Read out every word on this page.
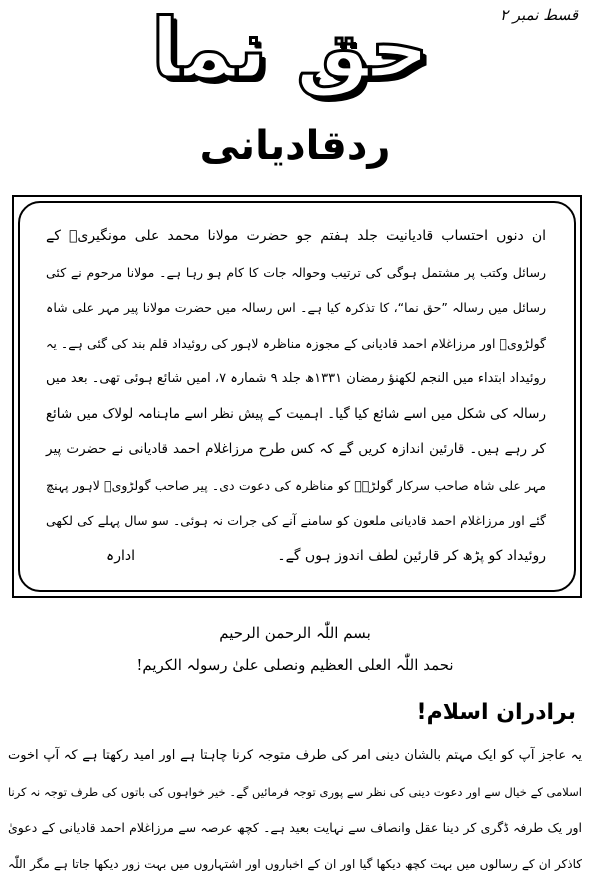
قسط نمبر ۲
حق نما
ردقادیانی
ان دنوں احتساب قادیانیت جلد ہفتم جو حضرت مولانا محمد علی مونگیریؒ کے
رسائل وکتب پر مشتمل ہوگی کی ترتیب وحوالہ جات کا کام ہو رہا ہے۔ مولانا مرحوم نے کئی
رسائل میں رسالہ ”حق نما“، کا تذکرہ کیا ہے۔ اس رسالہ میں حضرت مولانا پیر مہر علی شاہ
گولڑویؒ اور مرزاغلام احمد قادیانی کے مجوزہ مناظرہ لاہور کی روئیداد قلم بند کی گئی ہے۔ یہ
روئیداد ابتداء میں النجم لکھنؤ رمضان ۱۳۳۱ھ جلد ۹ شمارہ ۷، امیں شائع ہوئی تھی۔ بعد میں
رسالہ کی شکل میں اسے شائع کیا گیا۔ اہمیت کے پیش نظر اسے ماہنامہ لولاک میں شائع
کر رہے ہیں۔ قارئین اندازہ کریں گے کہ کس طرح مرزاغلام احمد قادیانی نے حضرت پیر
مہر علی شاہ صاحب سرکار گولڑہؒ کو مناظرہ کی دعوت دی۔ پیر صاحب گولڑویؒ لاہور پہنچ
گئے اور مرزاغلام احمد قادیانی ملعون کو سامنے آنے کی جرات نہ ہوئی۔ سو سال پہلے کی لکھی
روئیداد کو پڑھ کر قارئین لطف اندوز ہوں گے۔
ادارہ
بسم اللّٰہ الرحمن الرحیم
نحمد اللّٰہ العلی العظیم ونصلی علیٰ رسولہ الکریم!
برادران اسلام!
یہ عاجز آپ کو ایک مہتم بالشان دینی امر کی طرف متوجہ کرنا چاہتا ہے اور امید رکھتا ہے کہ آپ اخوت
اسلامی کے خیال سے اور دعوت دینی کی نظر سے پوری توجہ فرمائیں گے۔ خیر خواہوں کی باتوں کی طرف توجہ نہ کرنا
اور یک طرفہ ڈگری کر دینا عقل وانصاف سے نہایت بعید ہے۔ کچھ عرصہ سے مرزاغلام احمد قادیانی کے دعویٰ
کاذکر ان کے رسالوں میں بہت کچھ دیکھا گیا اور ان کے اخباروں اور اشتہاروں میں بہت زور دیکھا جاتا ہے مگر اللّٰہ
